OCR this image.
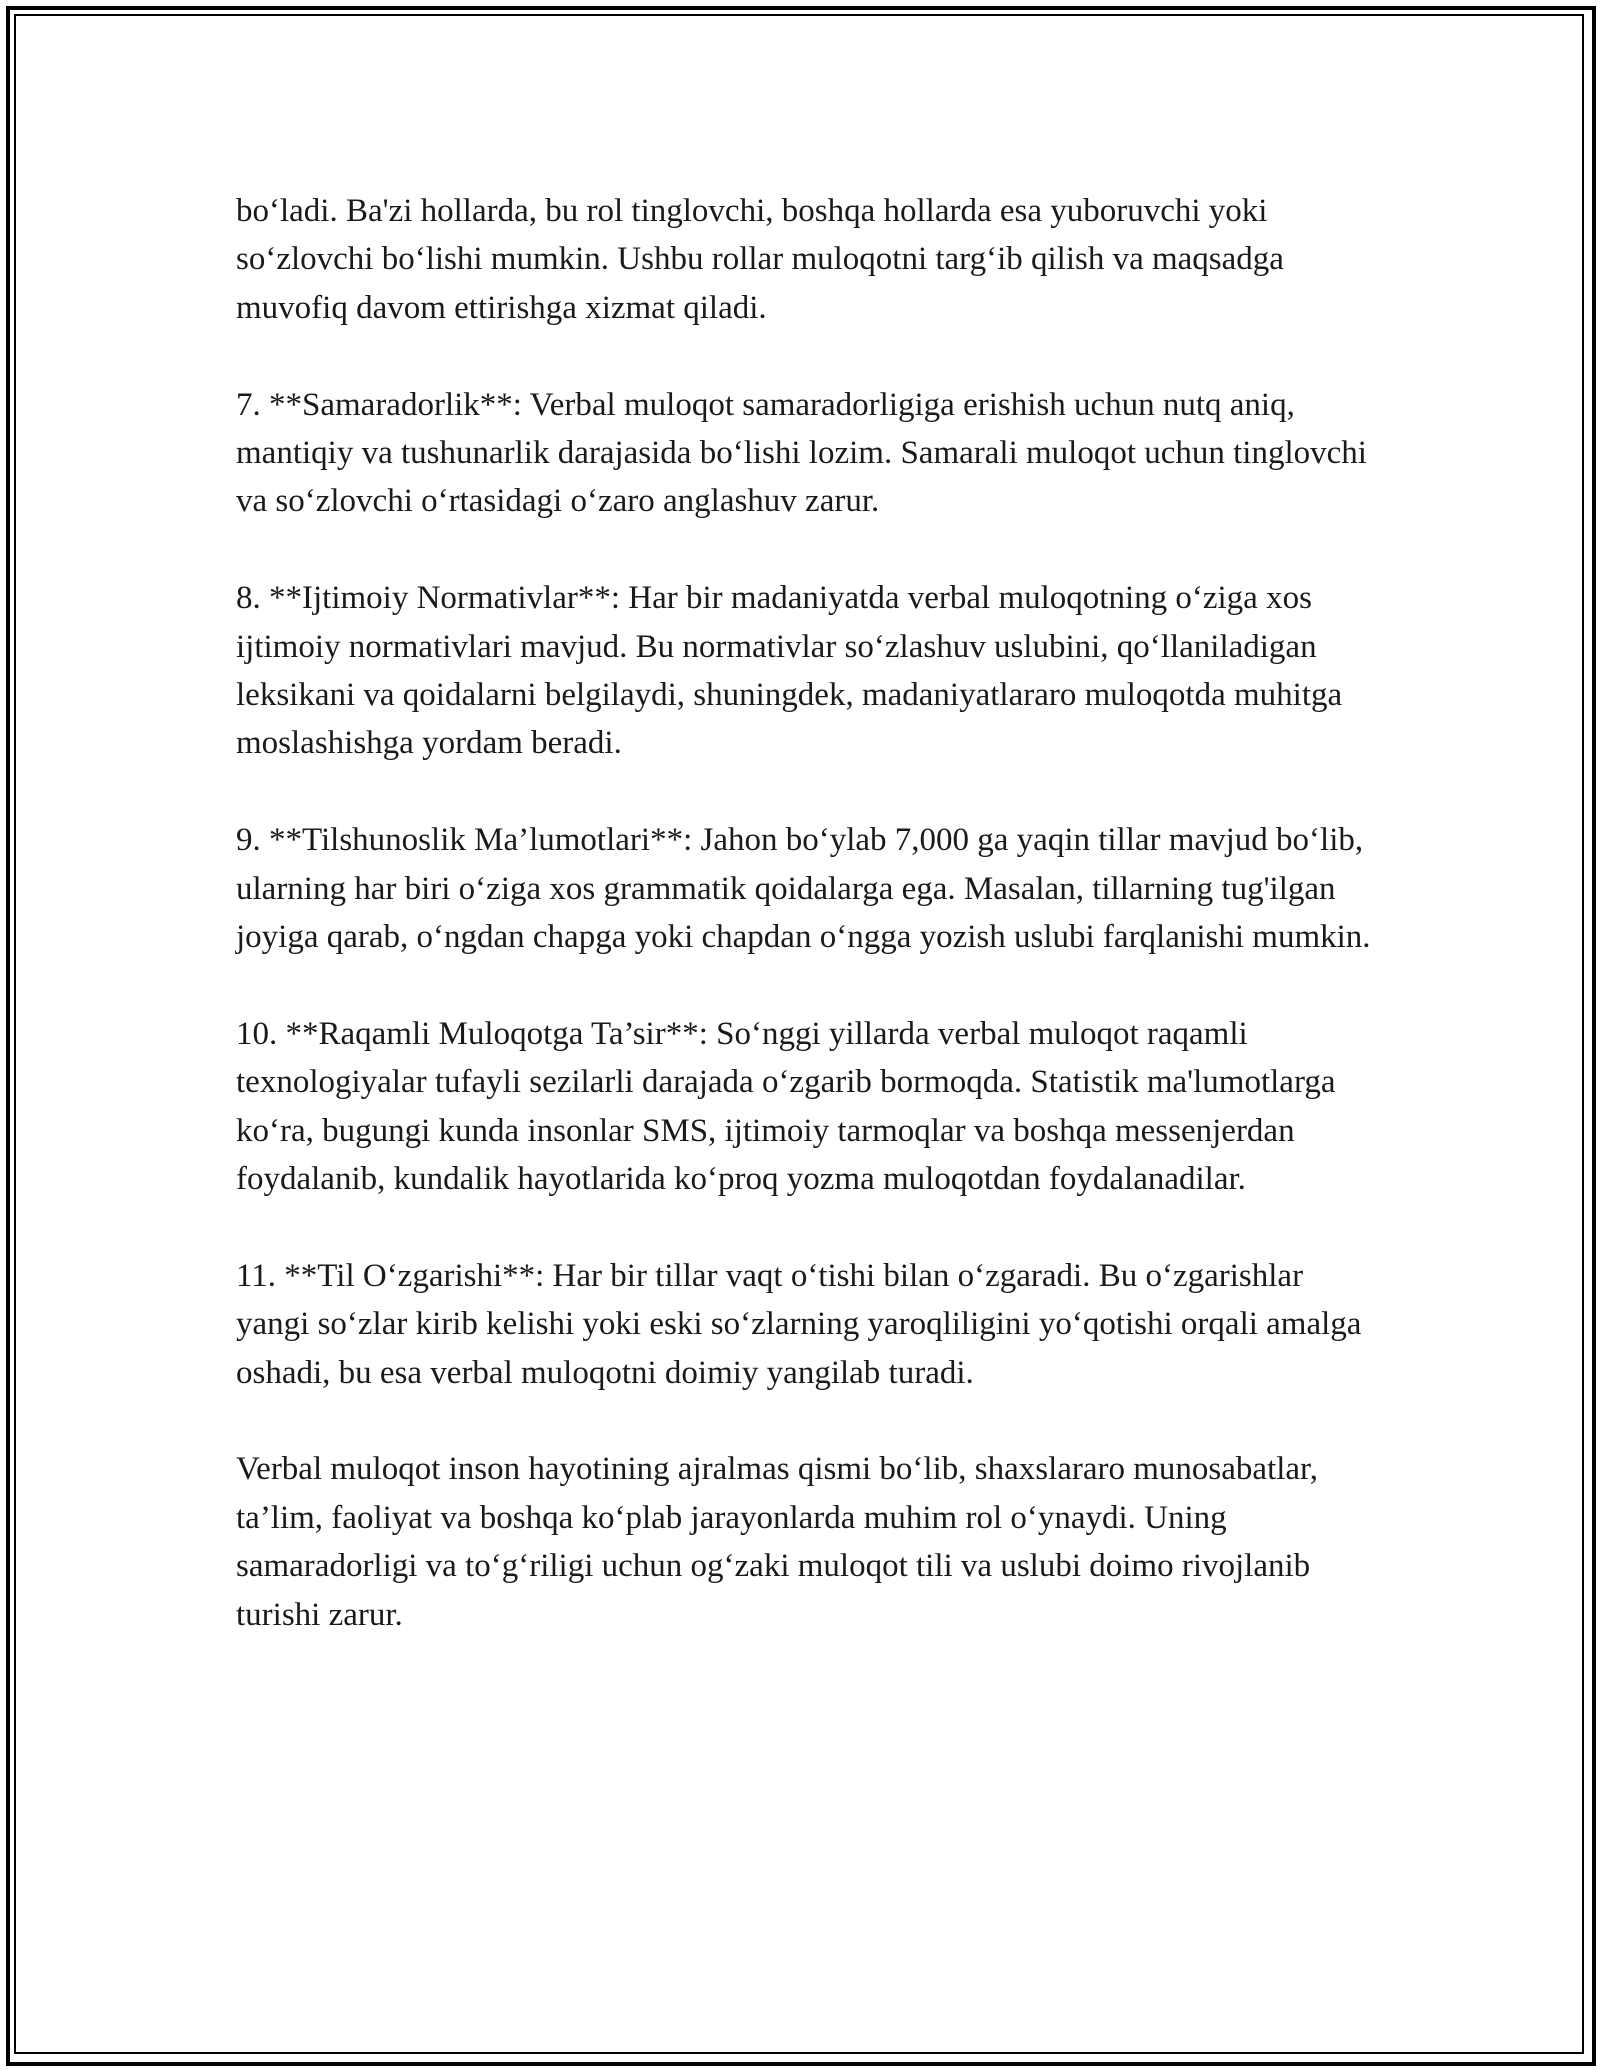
bo‘ladi. Ba'zi hollarda, bu rol tinglovchi, boshqa hollarda esa yuboruvchi yoki so‘zlovchi bo‘lishi mumkin. Ushbu rollar muloqotni targ‘ib qilish va maqsadga muvofiq davom ettirishga xizmat qiladi.

7. **Samaradorlik**: Verbal muloqot samaradorligiga erishish uchun nutq aniq, mantiqiy va tushunarlik darajasida bo‘lishi lozim. Samarali muloqot uchun tinglovchi va so‘zlovchi o‘rtasidagi o‘zaro anglashuv zarur.

8. **Ijtimoiy Normativlar**: Har bir madaniyatda verbal muloqotning o‘ziga xos ijtimoiy normativlari mavjud. Bu normativlar so‘zlashuv uslubini, qo‘llaniladigan leksikani va qoidalarni belgilaydi, shuningdek, madaniyatlararo muloqotda muhitga moslashishga yordam beradi.

9. **Tilshunoslik Ma’lumotlari**: Jahon bo‘ylab 7,000 ga yaqin tillar mavjud bo‘lib, ularning har biri o‘ziga xos grammatik qoidalarga ega. Masalan, tillarning tug'ilgan joyiga qarab, o‘ngdan chapga yoki chapdan o‘ngga yozish uslubi farqlanishi mumkin.

10. **Raqamli Muloqotga Ta’sir**: So‘nggi yillarda verbal muloqot raqamli texnologiyalar tufayli sezilarli darajada o‘zgarib bormoqda. Statistik ma'lumotlarga ko‘ra, bugungi kunda insonlar SMS, ijtimoiy tarmoqlar va boshqa messenjerdan foydalanib, kundalik hayotlarida ko‘proq yozma muloqotdan foydalanadilar.

11. **Til O‘zgarishi**: Har bir tillar vaqt o‘tishi bilan o‘zgaradi. Bu o‘zgarishlar yangi so‘zlar kirib kelishi yoki eski so‘zlarning yaroqliligini yo‘qotishi orqali amalga oshadi, bu esa verbal muloqotni doimiy yangilab turadi.

Verbal muloqot inson hayotining ajralmas qismi bo‘lib, shaxslararo munosabatlar, ta’lim, faoliyat va boshqa ko‘plab jarayonlarda muhim rol o‘ynaydi. Uning samaradorligi va to‘g‘riligi uchun og‘zaki muloqot tili va uslubi doimo rivojlanib turishi zarur.
